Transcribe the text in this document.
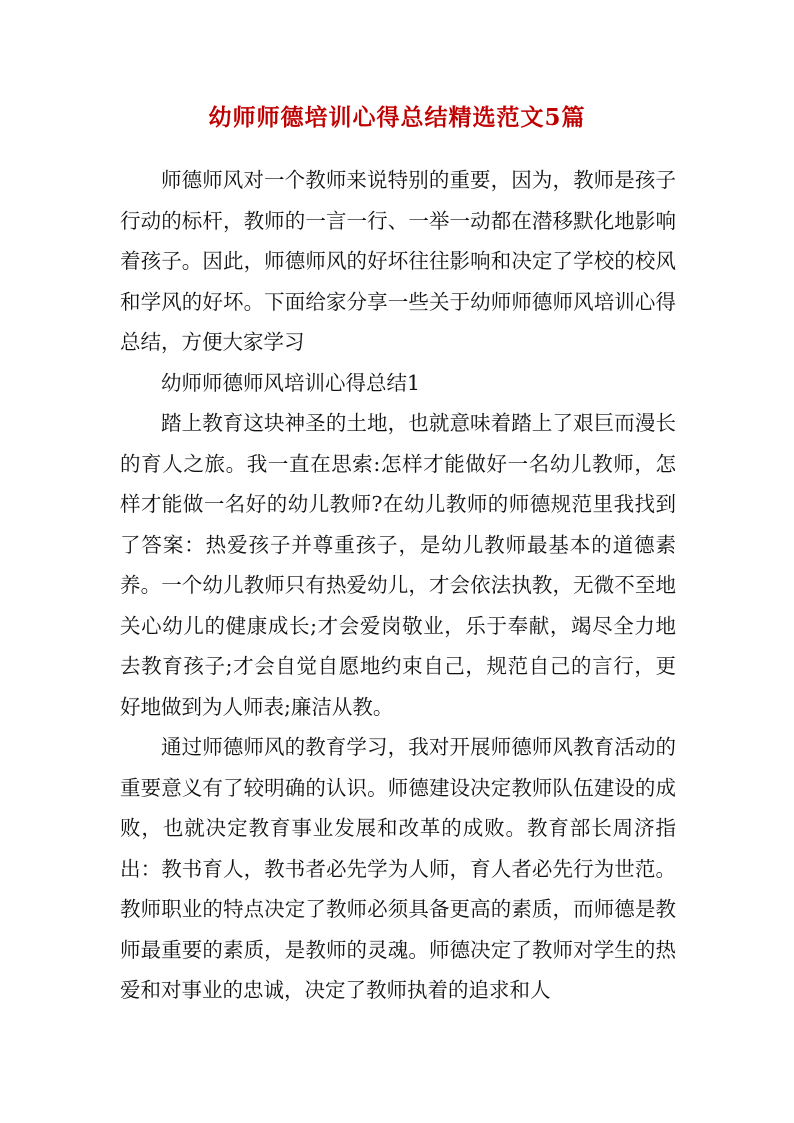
幼师师德培训心得总结精选范文5篇

师德师风对一个教师来说特别的重要，因为，教师是孩子行动的标杆，教师的一言一行、一举一动都在潜移默化地影响着孩子。因此，师德师风的好坏往往影响和决定了学校的校风和学风的好坏。下面给家分享一些关于幼师师德师风培训心得总结，方便大家学习

幼师师德师风培训心得总结1

踏上教育这块神圣的土地，也就意味着踏上了艰巨而漫长的育人之旅。我一直在思索:怎样才能做好一名幼儿教师，怎样才能做一名好的幼儿教师?在幼儿教师的师德规范里我找到了答案：热爱孩子并尊重孩子，是幼儿教师最基本的道德素养。一个幼儿教师只有热爱幼儿，才会依法执教，无微不至地关心幼儿的健康成长;才会爱岗敬业，乐于奉献，竭尽全力地去教育孩子;才会自觉自愿地约束自己，规范自己的言行，更好地做到为人师表;廉洁从教。

通过师德师风的教育学习，我对开展师德师风教育活动的重要意义有了较明确的认识。师德建设决定教师队伍建设的成败，也就决定教育事业发展和改革的成败。教育部长周济指出：教书育人，教书者必先学为人师，育人者必先行为世范。教师职业的特点决定了教师必须具备更高的素质，而师德是教师最重要的素质，是教师的灵魂。师德决定了教师对学生的热爱和对事业的忠诚，决定了教师执着的追求和人
